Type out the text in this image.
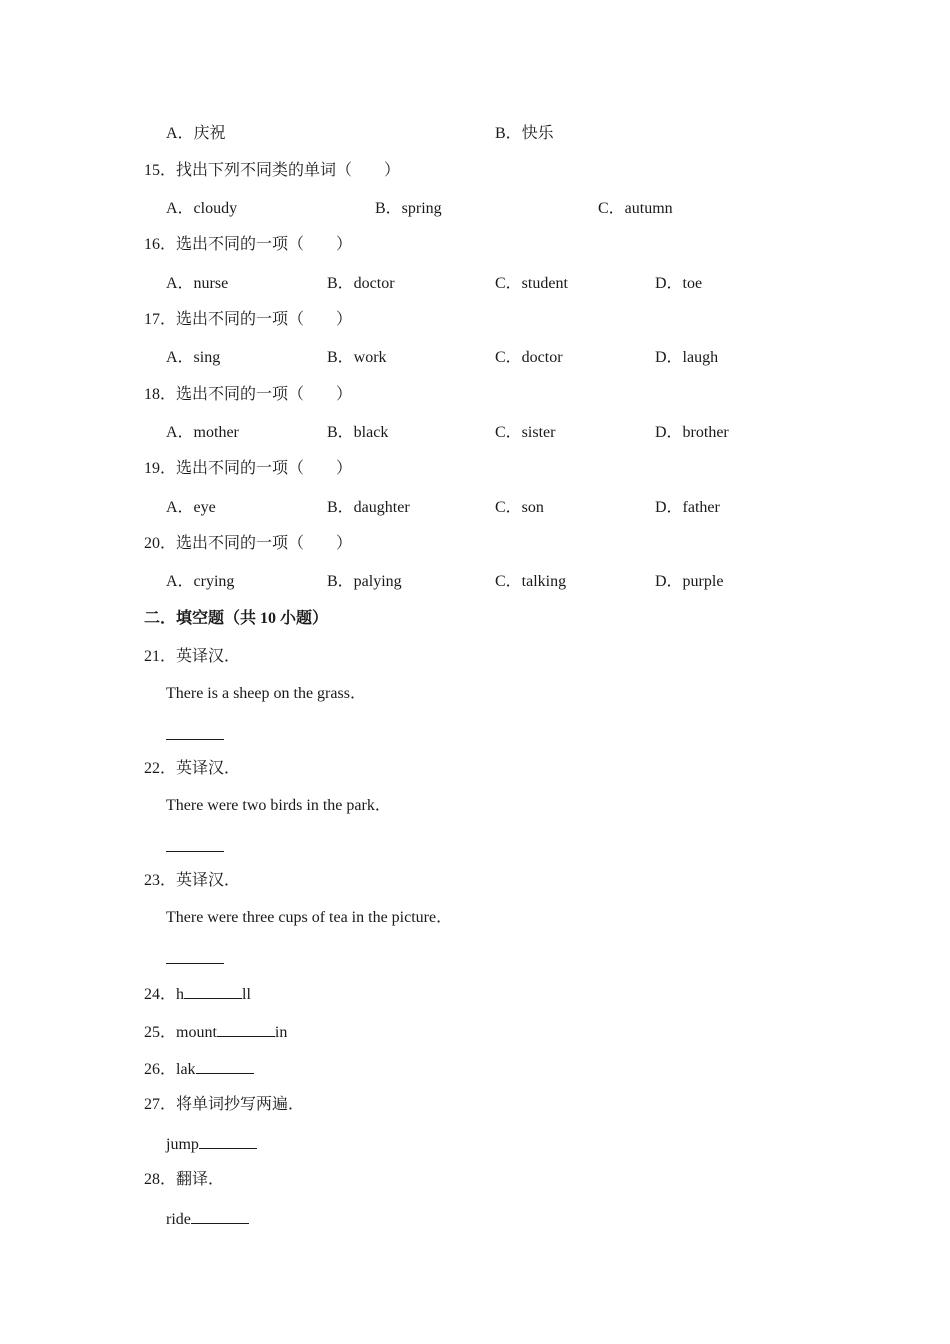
A．庆祝	B．快乐
15．找出下列不同类的单词（　　）
A．cloudy	B．spring	C．autumn
16．选出不同的一项（　　）
A．nurse	B．doctor	C．student	D．toe
17．选出不同的一项（　　）
A．sing	B．work	C．doctor	D．laugh
18．选出不同的一项（　　）
A．mother	B．black	C．sister	D．brother
19．选出不同的一项（　　）
A．eye	B．daughter	C．son	D．father
20．选出不同的一项（　　）
A．crying	B．palying	C．talking	D．purple
二．填空题（共 10 小题）
21．英译汉．
There is a sheep on the grass．
22．英译汉．
There were two birds in the park．
23．英译汉．
There were three cups of tea in the picture．
24．h	ll
25．mount	in
26．lak
27．将单词抄写两遍．
jump
28．翻译．
ride
